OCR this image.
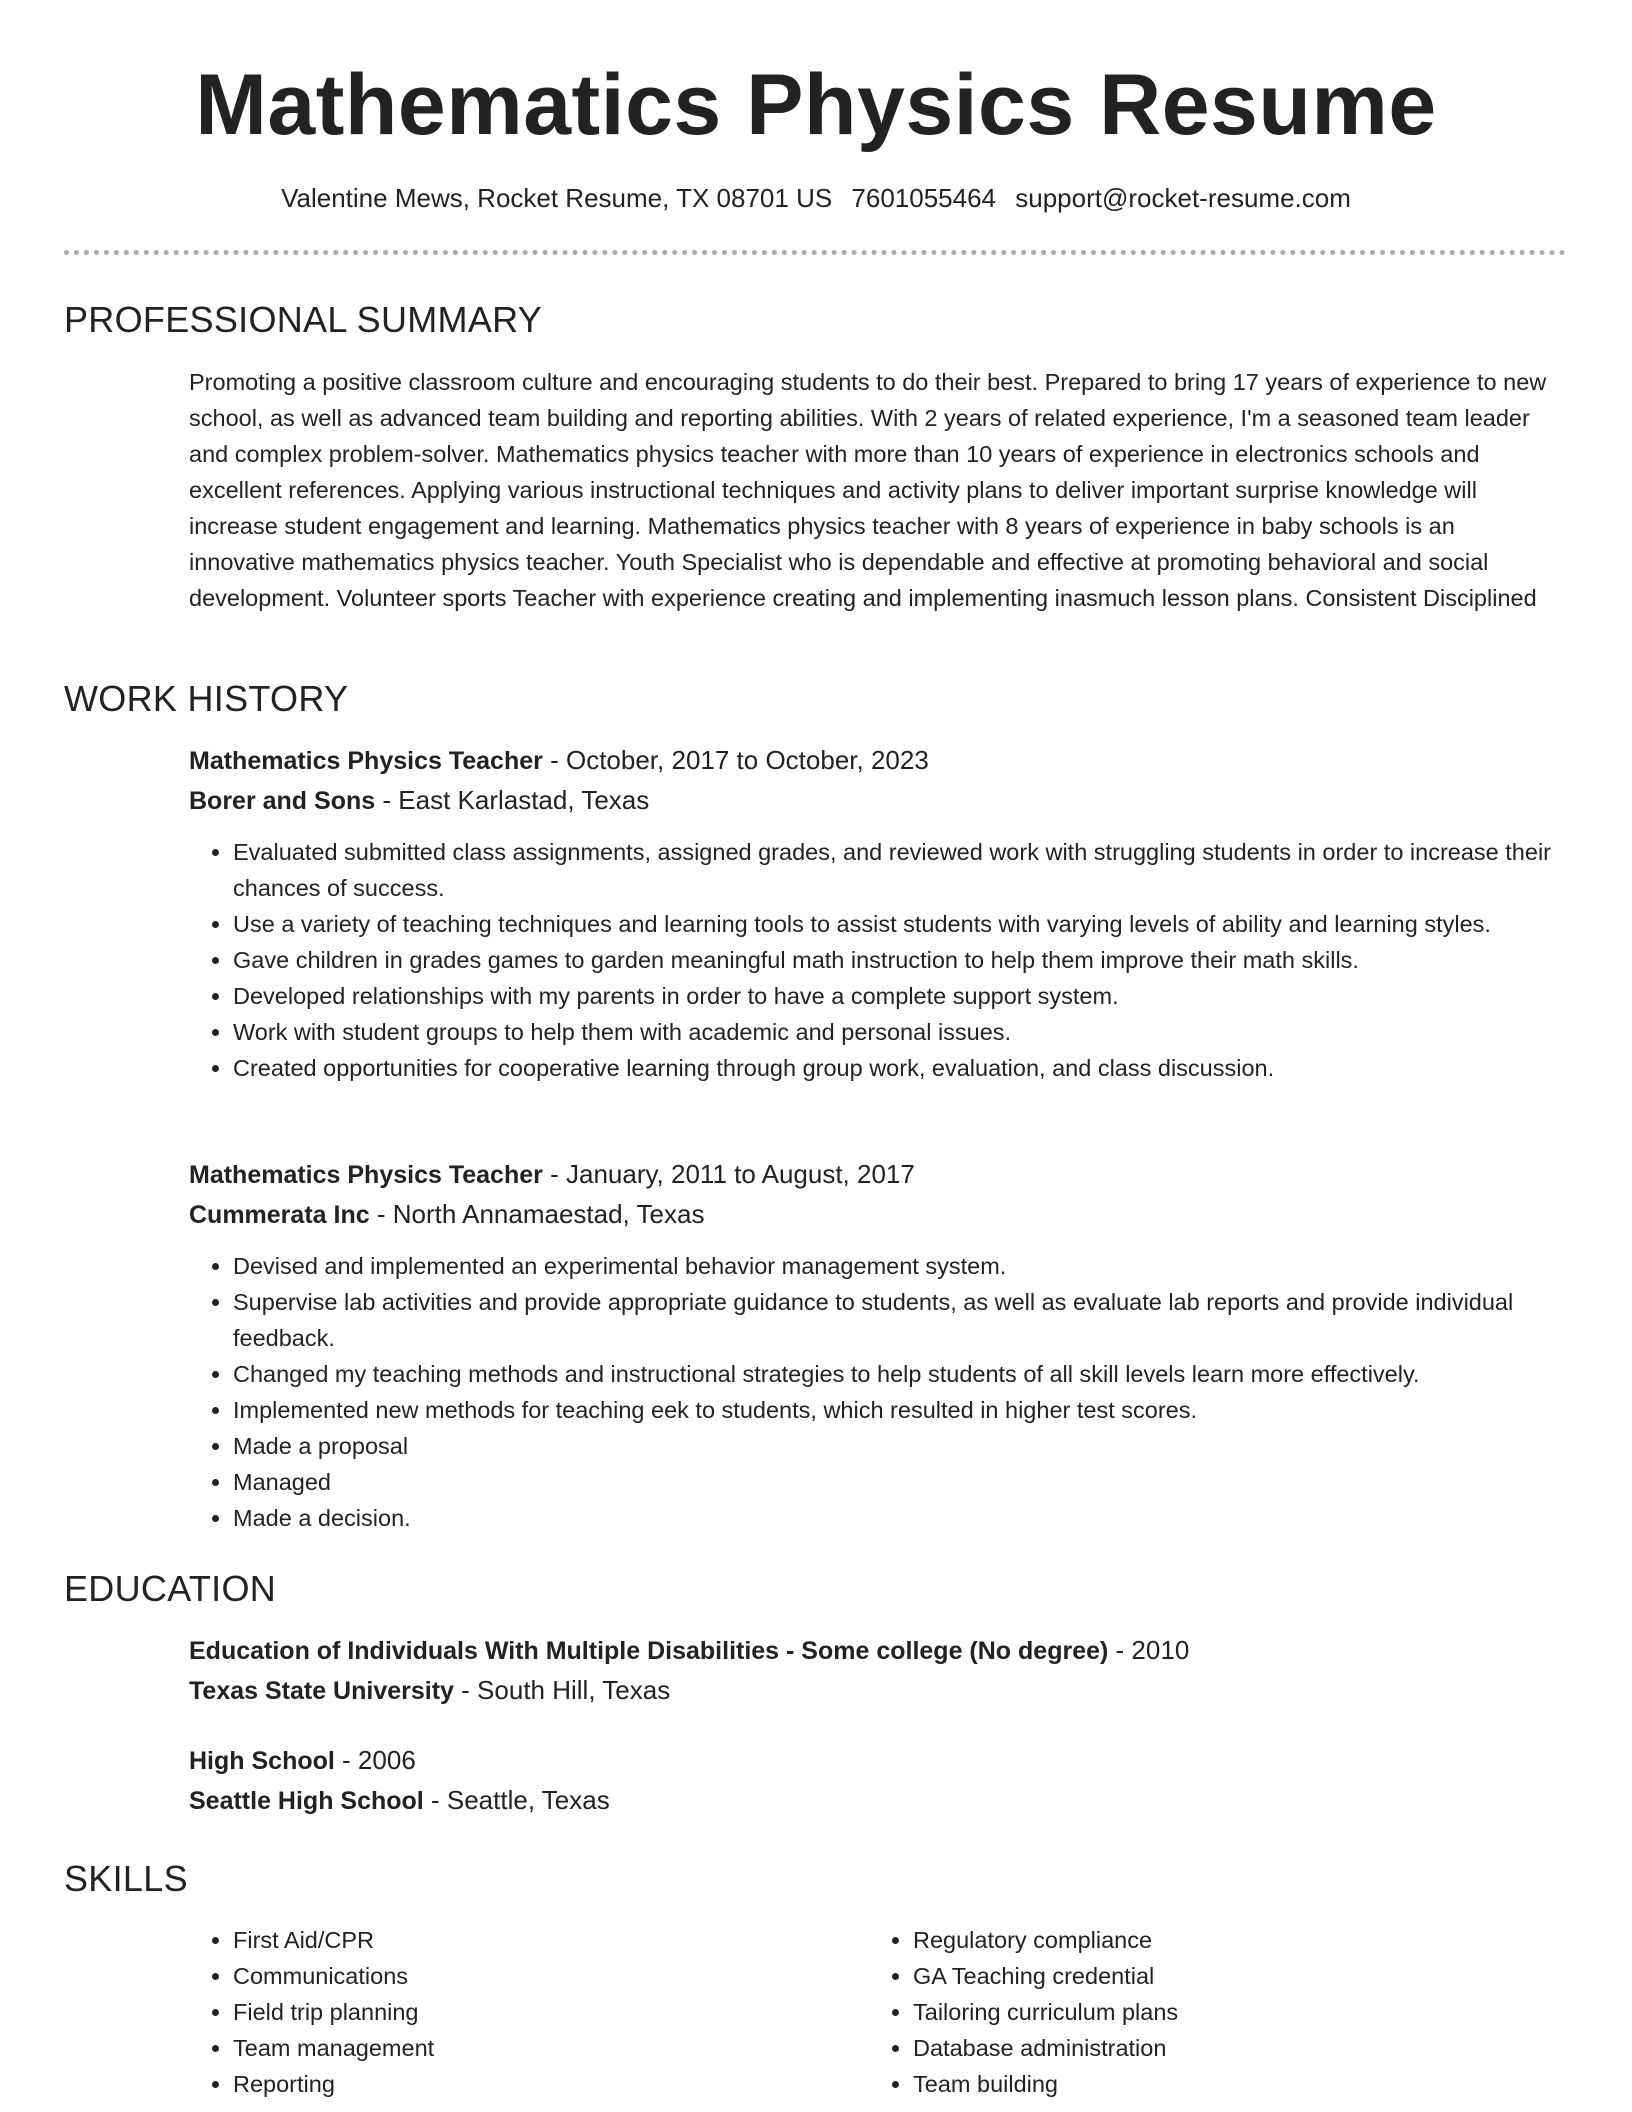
Mathematics Physics Resume
Valentine Mews, Rocket Resume, TX 08701 US 7601055464 support@rocket-resume.com
PROFESSIONAL SUMMARY

Promoting a positive classroom culture and encouraging students to do their best. Prepared to bring 17 years of experience to new school, as well as advanced team building and reporting abilities. With 2 years of related experience, I'm a seasoned team leader and complex problem-solver. Mathematics physics teacher with more than 10 years of experience in electronics schools and excellent references. Applying various instructional techniques and activity plans to deliver important surprise knowledge will increase student engagement and learning. Mathematics physics teacher with 8 years of experience in baby schools is an innovative mathematics physics teacher. Youth Specialist who is dependable and effective at promoting behavioral and social development. Volunteer sports Teacher with experience creating and implementing inasmuch lesson plans. Consistent Disciplined

WORK HISTORY
Mathematics Physics Teacher - October, 2017 to October, 2023
Borer and Sons - East Karlastad, Texas
• Evaluated submitted class assignments, assigned grades, and reviewed work with struggling students in order to increase their chances of success.
• Use a variety of teaching techniques and learning tools to assist students with varying levels of ability and learning styles.
• Gave children in grades games to garden meaningful math instruction to help them improve their math skills.
• Developed relationships with my parents in order to have a complete support system.
• Work with student groups to help them with academic and personal issues.
• Created opportunities for cooperative learning through group work, evaluation, and class discussion.
Mathematics Physics Teacher - January, 2011 to August, 2017
Cummerata Inc - North Annamaestad, Texas
• Devised and implemented an experimental behavior management system.
• Supervise lab activities and provide appropriate guidance to students, as well as evaluate lab reports and provide individual feedback.
• Changed my teaching methods and instructional strategies to help students of all skill levels learn more effectively.
• Implemented new methods for teaching eek to students, which resulted in higher test scores.
• Made a proposal
• Managed
• Made a decision.
EDUCATION
Education of Individuals With Multiple Disabilities - Some college (No degree) - 2010
Texas State University - South Hill, Texas
High School - 2006
Seattle High School - Seattle, Texas
SKILLS
• First Aid/CPR
• Communications
• Field trip planning
• Team management
• Reporting
• Regulatory compliance
• GA Teaching credential
• Tailoring curriculum plans
• Database administration
• Team building
